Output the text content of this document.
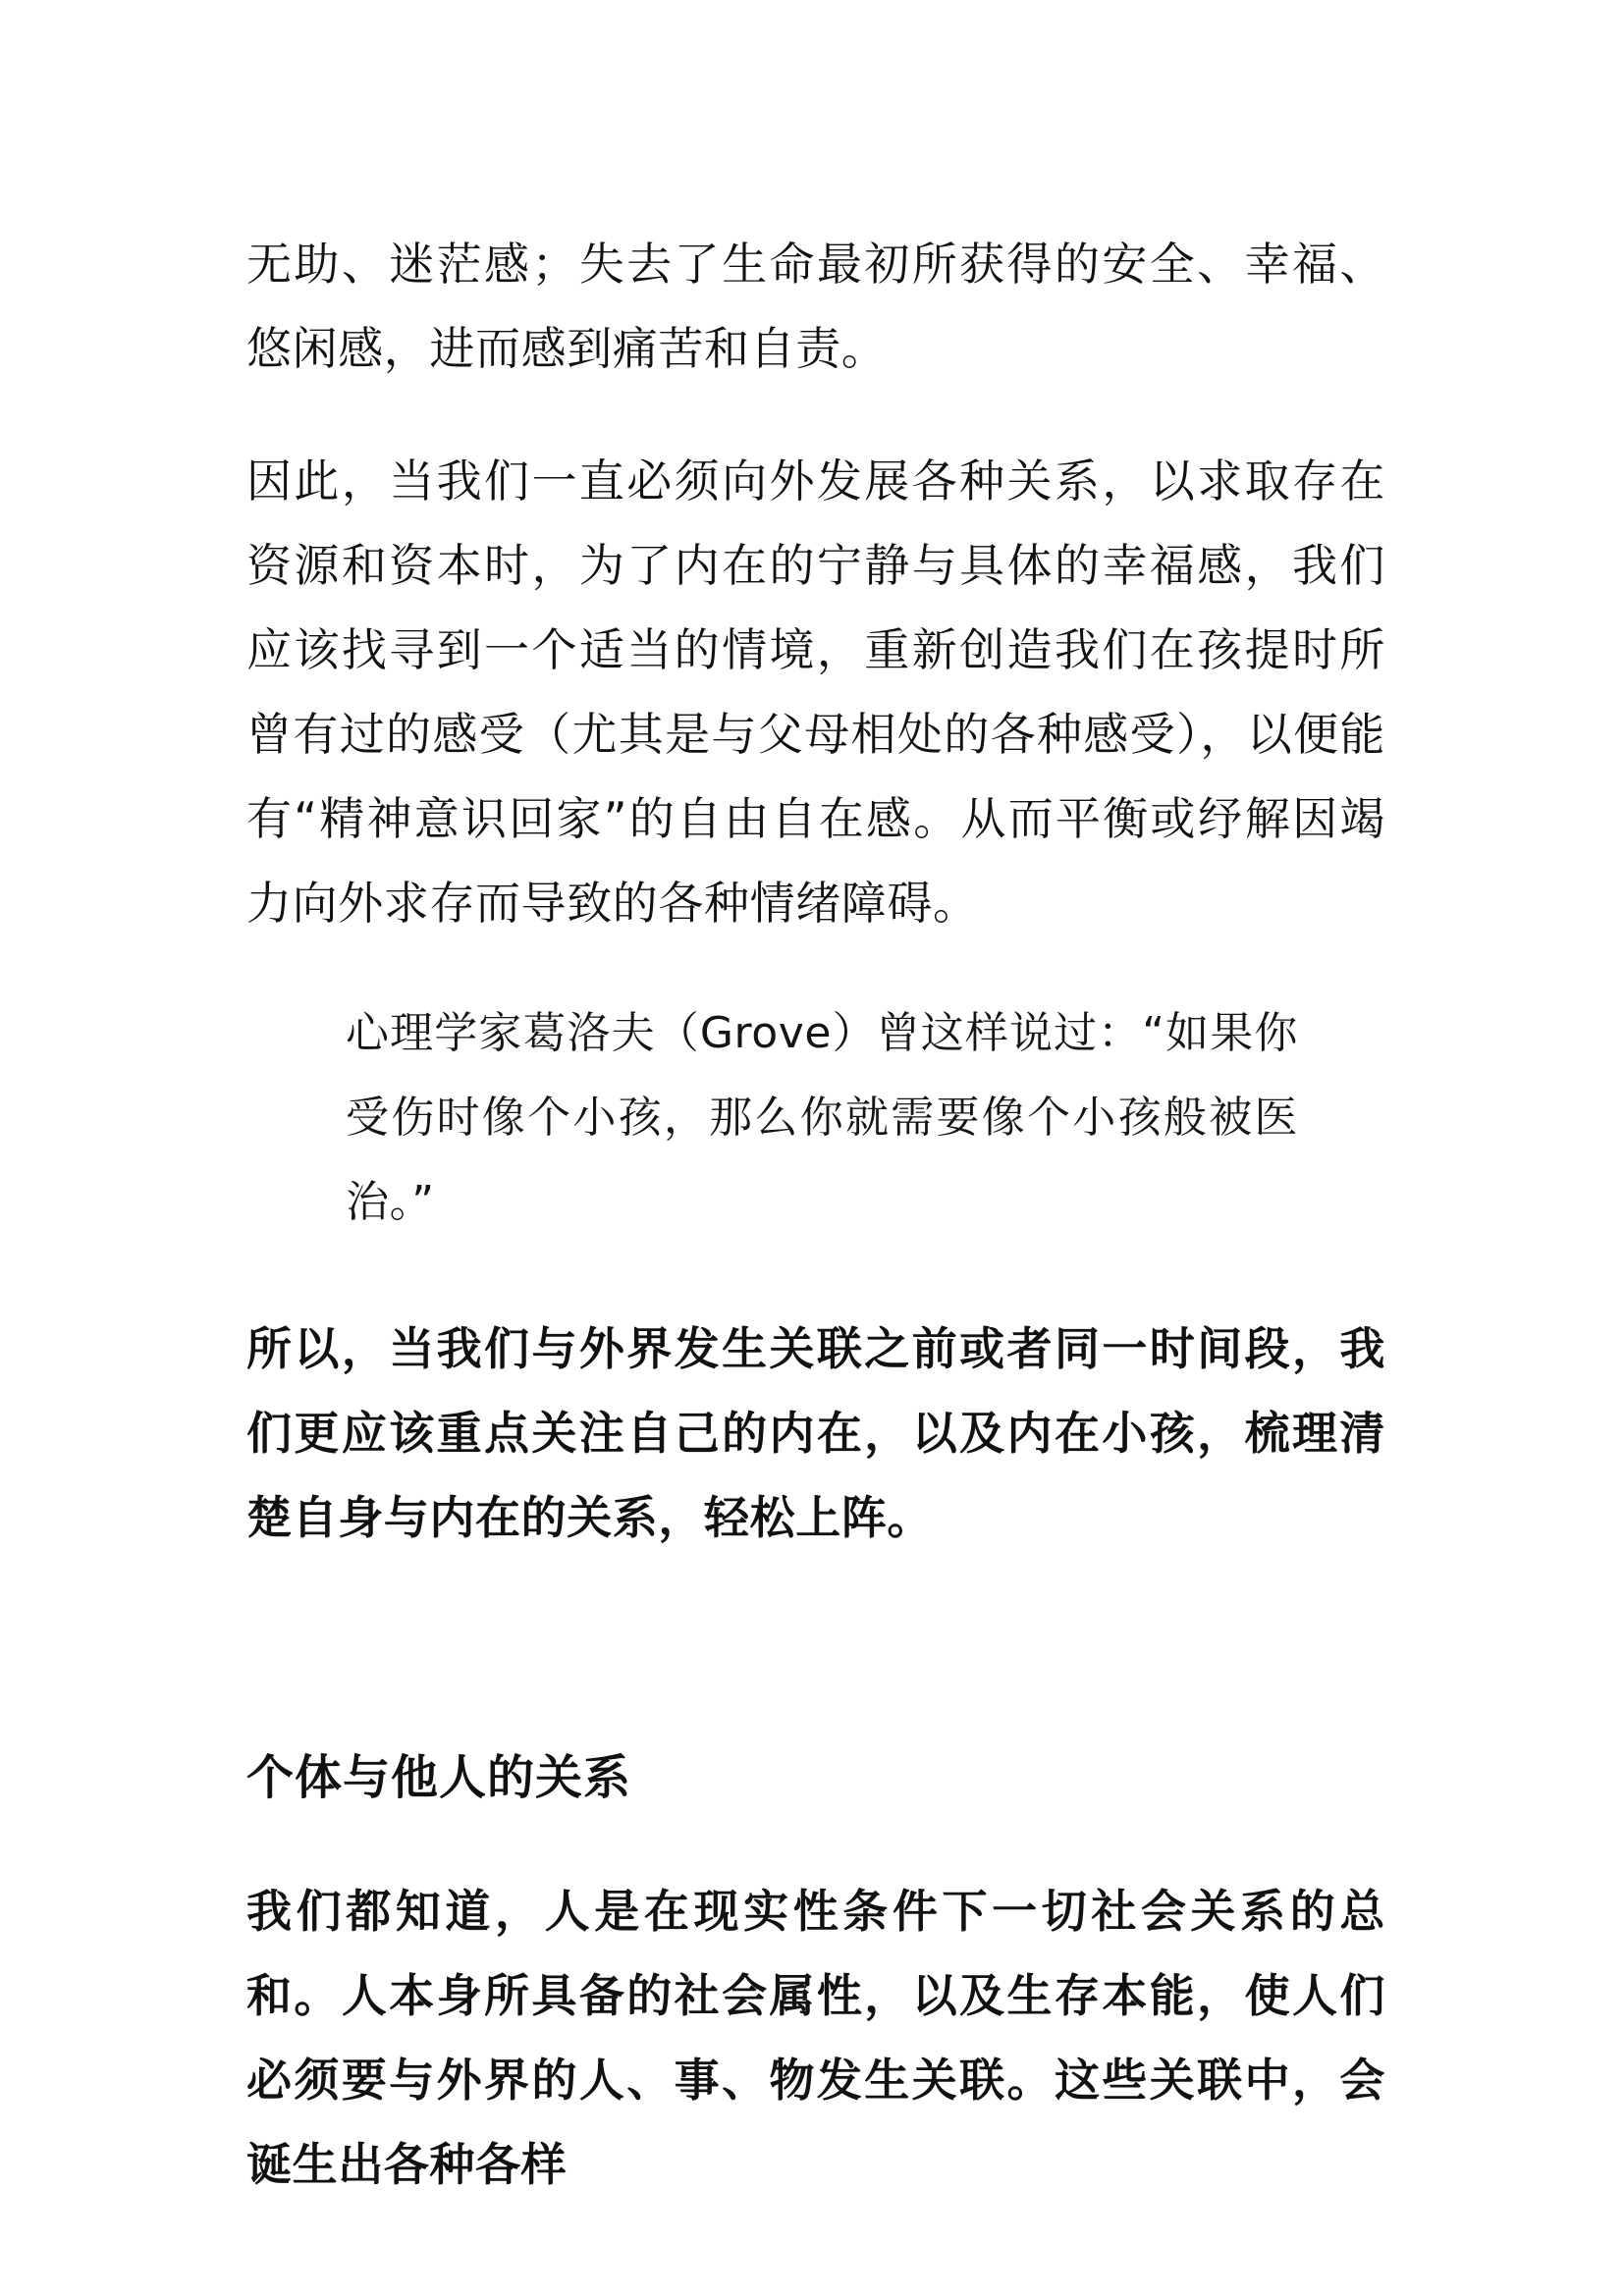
无助、迷茫感；失去了生命最初所获得的安全、幸福、悠闲感，进而感到痛苦和自责。

因此，当我们一直必须向外发展各种关系，以求取存在资源和资本时，为了内在的宁静与具体的幸福感，我们应该找寻到一个适当的情境，重新创造我们在孩提时所曾有过的感受（尤其是与父母相处的各种感受），以便能有“精神意识回家”的自由自在感。从而平衡或纾解因竭力向外求存而导致的各种情绪障碍。

心理学家葛洛夫（Grove）曾这样说过：“如果你受伤时像个小孩，那么你就需要像个小孩般被医治。”

所以，当我们与外界发生关联之前或者同一时间段，我们更应该重点关注自己的内在，以及内在小孩，梳理清楚自身与内在的关系，轻松上阵。

个体与他人的关系

我们都知道，人是在现实性条件下一切社会关系的总和。人本身所具备的社会属性，以及生存本能，使人们必须要与外界的人、事、物发生关联。这些关联中，会诞生出各种各样
